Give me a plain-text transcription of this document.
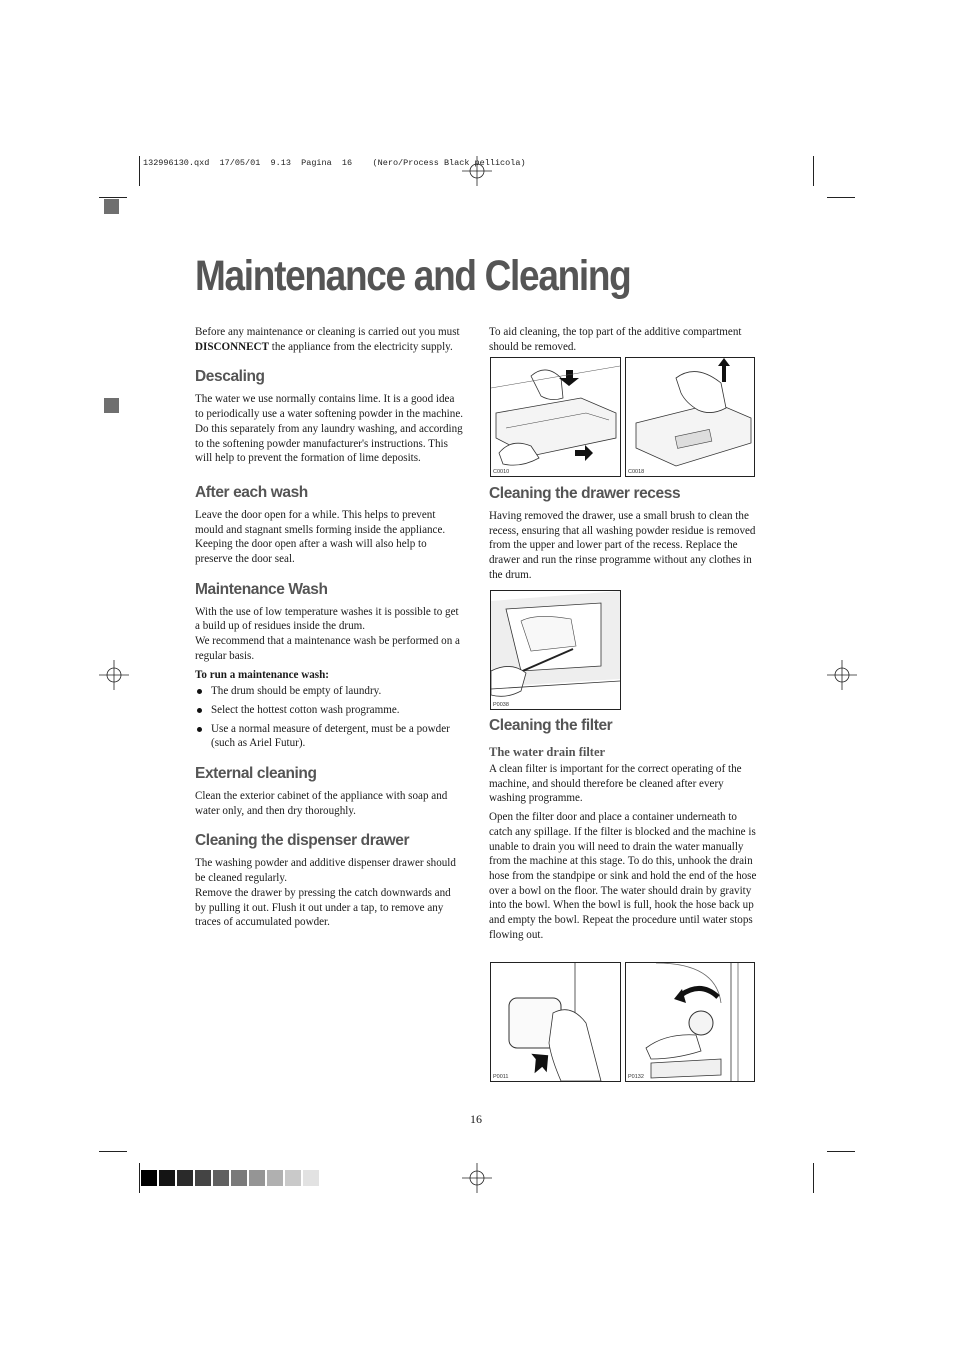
132996130.qxd  17/05/01  9.13  Pagina  16    (Nero/Process Black pellicola)
Maintenance and Cleaning

Before any maintenance or cleaning is carried out you must DISCONNECT the appliance from the electricity supply.

Descaling

The water we use normally contains lime. It is a good idea to periodically use a water softening powder in the machine. Do this separately from any laundry washing, and according to the softening powder manufacturer's instructions. This will help to prevent the formation of lime deposits.

After each wash

Leave the door open for a while. This helps to prevent mould and stagnant smells forming inside the appliance. Keeping the door open after a wash will also help to preserve the door seal.

Maintenance Wash

With the use of low temperature washes it is possible to get a build up of residues inside the drum.

We recommend that a maintenance wash be performed on a regular basis.

To run a maintenance wash:

The drum should be empty of laundry.
Select the hottest cotton wash programme.
Use a normal measure of detergent, must be a powder (such as Ariel Futur).
External cleaning

Clean the exterior cabinet of the appliance with soap and water only, and then dry thoroughly.

Cleaning the dispenser drawer

The washing powder and additive dispenser drawer should be cleaned regularly.

Remove the drawer by pressing the catch downwards and by pulling it out. Flush it out under a tap, to remove any traces of accumulated powder.

To aid cleaning, the top part of the additive compartment should be removed.

C0010	C0018
Cleaning the drawer recess

Having removed the drawer, use a small brush to clean the recess, ensuring that all washing powder residue is removed from the upper and lower part of the recess. Replace the drawer and run the rinse programme without any clothes in the drum.

P0038
Cleaning the filter
The water drain filter

A clean filter is important for the correct operating of the machine, and should therefore be cleaned after every washing programme.

Open the filter door and place a container underneath to catch any spillage. If the filter is blocked and the machine is unable to drain you will need to drain the water manually from the machine at this stage. To do this, unhook the drain hose from the standpipe or sink and hold the end of the hose over a bowl on the floor. The water should drain by gravity into the bowl. When the bowl is full, hook the hose back up and empty the bowl. Repeat the procedure until water stops flowing out.

P0011	P0132
16
